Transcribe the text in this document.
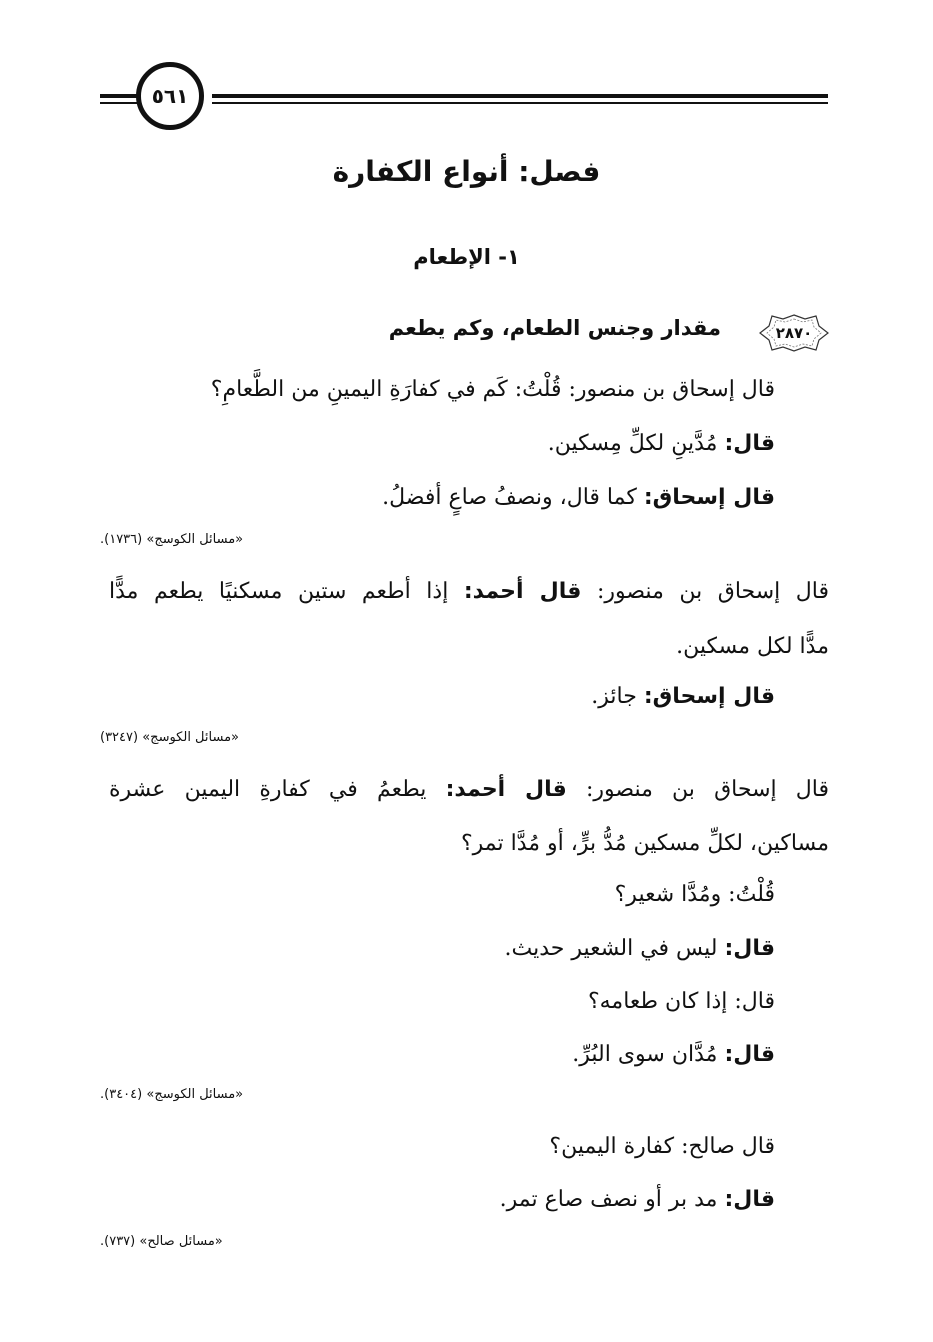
٥٦١
فصل: أنواع الكفارة
١- الإطعام
٢٨٧٠
مقدار وجنس الطعام، وكم يطعم
قال إسحاق بن منصور: قُلْتُ: كَم في كفارَةِ اليمينِ من الطَّعامِ؟
قال: مُدَّينِ لكلِّ مِسكين.
قال إسحاق: كما قال، ونصفُ صاعٍ أفضلُ.
«مسائل الكوسج» (١٧٣٦).
قال إسحاق بن منصور: قال أحمد: إذا أطعم ستين مسكنيًا يطعم مدًّا
مدًّا لكل مسكين.
قال إسحاق: جائز.
«مسائل الكوسج» (٣٢٤٧)
قال إسحاق بن منصور: قال أحمد: يطعمُ في كفارةِ اليمين عشرة
مساكين، لكلِّ مسكين مُدُّ برٍّ، أو مُدَّا تمر؟
قُلْتُ: ومُدَّا شعير؟
قال: ليس في الشعير حديث.
قال: إذا كان طعامه؟
قال: مُدَّان سوى البُرِّ.
«مسائل الكوسج» (٣٤٠٤).
قال صالح: كفارة اليمين؟
قال: مد بر أو نصف صاع تمر.
«مسائل صالح» (٧٣٧).
